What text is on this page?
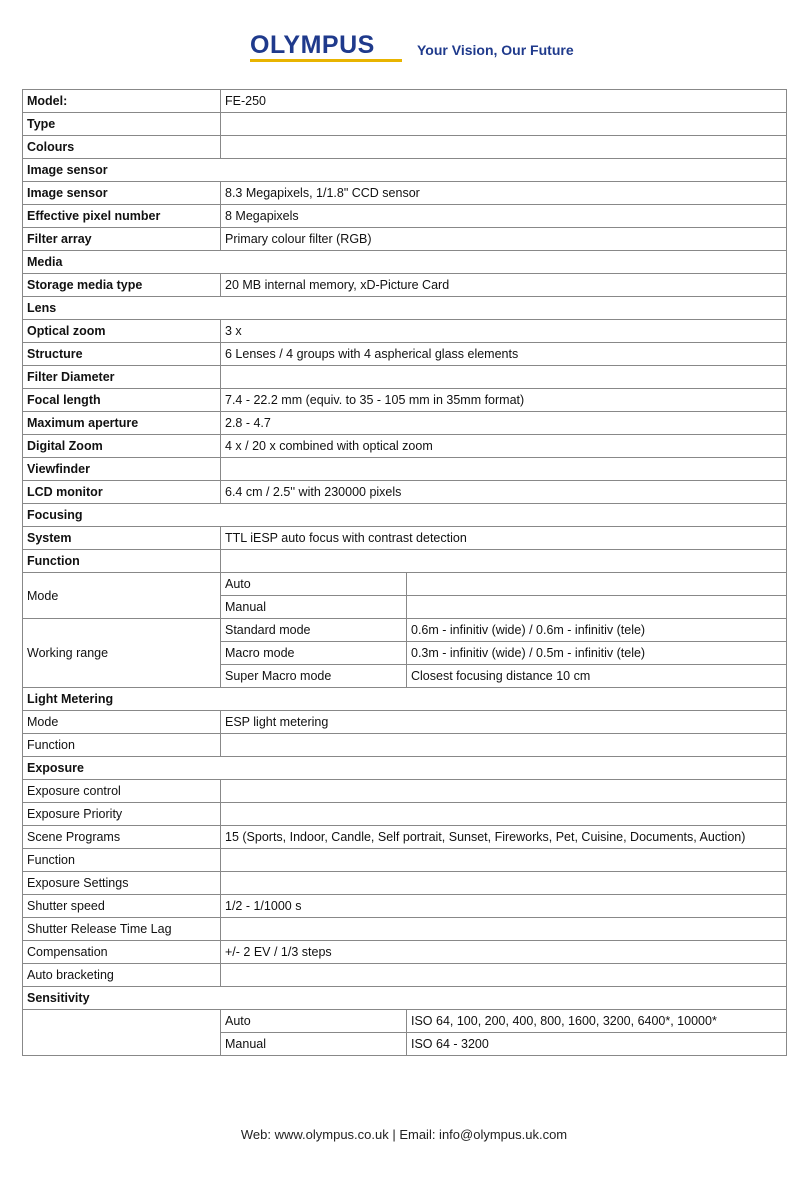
OLYMPUS	Your Vision, Our Future
Model:	FE-250	
Type		
Colours		
Image sensor		
Image sensor	8.3 Megapixels, 1/1.8" CCD sensor	
Effective pixel number	8 Megapixels	
Filter array	Primary colour filter (RGB)	
Media		
Storage media type	20 MB internal memory, xD-Picture Card	
Lens		
Optical zoom	3 x	
Structure	6 Lenses / 4 groups with 4 aspherical glass elements	
Filter Diameter		
Focal length	7.4 - 22.2 mm (equiv. to 35 - 105 mm in 35mm format)	
Maximum aperture	2.8 - 4.7	
Digital Zoom	4 x / 20 x combined with optical zoom	
Viewfinder		
LCD monitor	6.4 cm / 2.5'' with 230000 pixels	
Focusing		
System	TTL iESP auto focus with contrast detection	
Function		
Mode	Auto	
	Manual	
Working range	Standard mode	0.6m - infinitiv (wide) / 0.6m - infinitiv (tele)
	Macro mode	0.3m - infinitiv (wide) / 0.5m - infinitiv (tele)
	Super Macro mode	Closest focusing distance 10 cm
Light Metering		
Mode	ESP light metering	
Function		
Exposure		
Exposure control		
Exposure Priority		
Scene Programs	15 (Sports, Indoor, Candle, Self portrait, Sunset, Fireworks, Pet, Cuisine, Documents, Auction)	
Function		
Exposure Settings		
Shutter speed	1/2 - 1/1000 s	
Shutter Release Time Lag		
Compensation	+/- 2 EV / 1/3 steps	
Auto bracketing		
Sensitivity		
	Auto	ISO 64, 100, 200, 400, 800, 1600, 3200, 6400*, 10000*
	Manual	ISO 64 - 3200
Web: www.olympus.co.uk | Email: info@olympus.uk.com
